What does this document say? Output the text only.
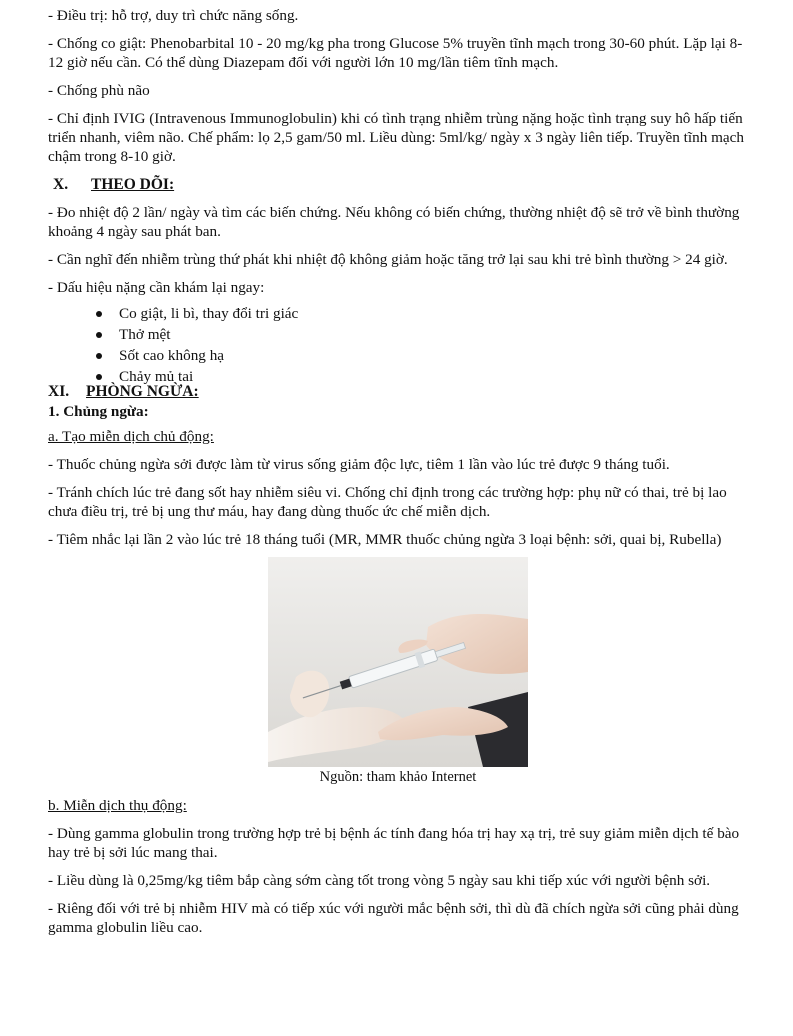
- Điều trị: hỗ trợ, duy trì chức năng sống.

- Chống co giật: Phenobarbital 10 - 20 mg/kg pha trong Glucose 5% truyền tĩnh mạch trong 30-60 phút. Lặp lại 8-12 giờ nếu cần. Có thể dùng Diazepam đối với người lớn 10 mg/lần tiêm tĩnh mạch.

- Chống phù não

- Chỉ định IVIG (Intravenous Immunoglobulin) khi có tình trạng nhiễm trùng nặng hoặc tình trạng suy hô hấp tiến triển nhanh, viêm não. Chế phẩm: lọ 2,5 gam/50 ml. Liều dùng: 5ml/kg/ ngày x 3 ngày liên tiếp. Truyền tĩnh mạch chậm trong 8-10 giờ.

X. THEO DÕI:

- Đo nhiệt độ 2 lần/ ngày và tìm các biến chứng. Nếu không có biến chứng, thường nhiệt độ sẽ trở về bình thường khoảng 4 ngày sau phát ban.

- Cần nghĩ đến nhiễm trùng thứ phát khi nhiệt độ không giảm hoặc tăng trở lại sau khi trẻ bình thường > 24 giờ.

- Dấu hiệu nặng cần khám lại ngay:

Co giật, li bì, thay đổi tri giác
Thở mệt
Sốt cao không hạ
Chảy mủ tai
XI. PHÒNG NGỪA:

1. Chủng ngừa:

a. Tạo miễn dịch chủ động:

- Thuốc chủng ngừa sởi được làm từ virus sống giảm độc lực, tiêm 1 lần vào lúc trẻ được 9 tháng tuổi.

- Tránh chích lúc trẻ đang sốt hay nhiễm siêu vi. Chống chỉ định trong các trường hợp: phụ nữ có thai, trẻ bị lao chưa điều trị, trẻ bị ung thư máu, hay đang dùng thuốc ức chế miễn dịch.

- Tiêm nhắc lại lần 2 vào lúc trẻ 18 tháng tuổi (MR, MMR thuốc chủng ngừa 3 loại bệnh: sởi, quai bị, Rubella)

Nguồn: tham khảo Internet

b. Miễn dịch thụ động:

- Dùng gamma globulin trong trường hợp trẻ bị bệnh ác tính đang hóa trị hay xạ trị, trẻ suy giảm miễn dịch tế bào hay trẻ bị sởi lúc mang thai.

- Liều dùng là 0,25mg/kg tiêm bắp càng sớm càng tốt trong vòng 5 ngày sau khi tiếp xúc với người bệnh sởi.

- Riêng đối với trẻ bị nhiễm HIV mà có tiếp xúc với người mắc bệnh sởi, thì dù đã chích ngừa sởi cũng phải dùng gamma globulin liều cao.
